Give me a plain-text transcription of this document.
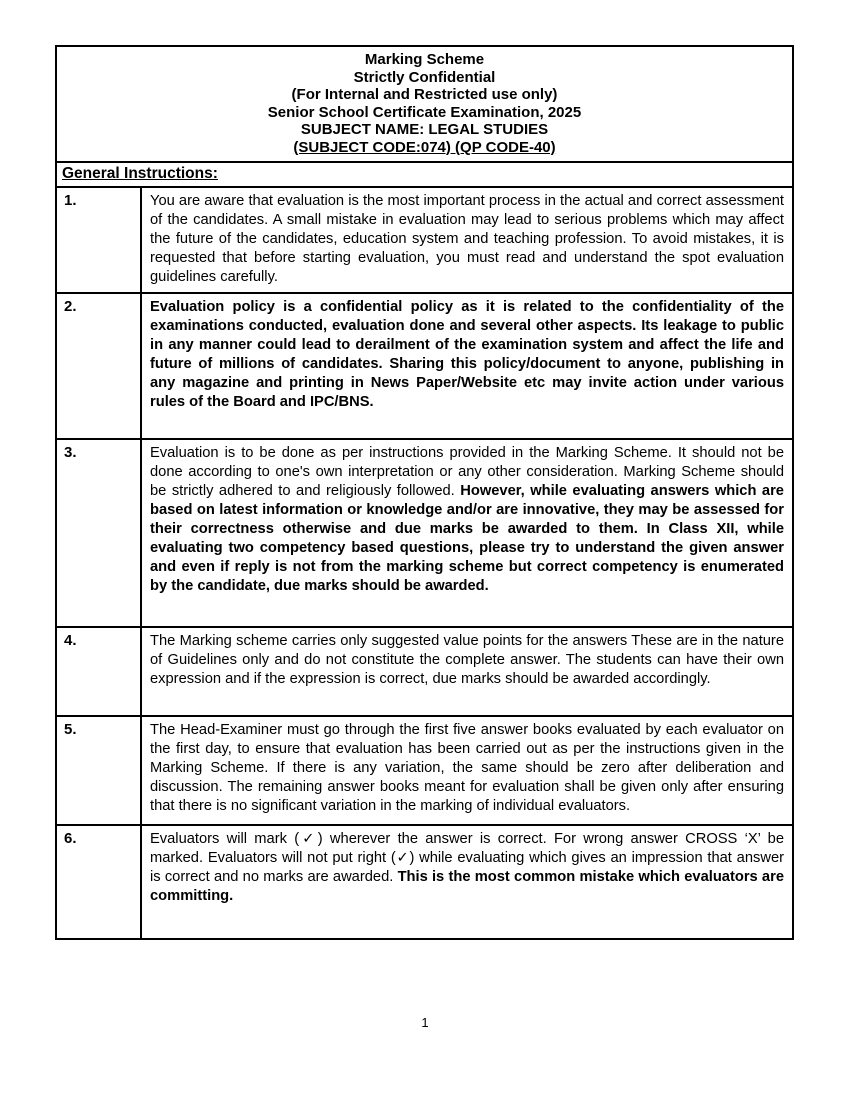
Marking Scheme
Strictly Confidential
(For Internal and Restricted use only)
Senior School Certificate Examination, 2025
SUBJECT NAME: LEGAL STUDIES
(SUBJECT CODE:074) (QP CODE-40)
General Instructions:
1.	You are aware that evaluation is the most important process in the actual and correct assessment of the candidates. A small mistake in evaluation may lead to serious problems which may affect the future of the candidates, education system and teaching profession. To avoid mistakes, it is requested that before starting evaluation, you must read and understand the spot evaluation guidelines carefully.
2.	Evaluation policy is a confidential policy as it is related to the confidentiality of the examinations conducted, evaluation done and several other aspects. Its leakage to public in any manner could lead to derailment of the examination system and affect the life and future of millions of candidates. Sharing this policy/document to anyone, publishing in any magazine and printing in News Paper/Website etc may invite action under various rules of the Board and IPC/BNS.
3.	Evaluation is to be done as per instructions provided in the Marking Scheme. It should not be done according to one's own interpretation or any other consideration. Marking Scheme should be strictly adhered to and religiously followed. However, while evaluating answers which are based on latest information or knowledge and/or are innovative, they may be assessed for their correctness otherwise and due marks be awarded to them. In Class XII, while evaluating two competency based questions, please try to understand the given answer and even if reply is not from the marking scheme but correct competency is enumerated by the candidate, due marks should be awarded.
4.	The Marking scheme carries only suggested value points for the answers These are in the nature of Guidelines only and do not constitute the complete answer. The students can have their own expression and if the expression is correct, due marks should be awarded accordingly.
5.	The Head-Examiner must go through the first five answer books evaluated by each evaluator on the first day, to ensure that evaluation has been carried out as per the instructions given in the Marking Scheme. If there is any variation, the same should be zero after deliberation and discussion. The remaining answer books meant for evaluation shall be given only after ensuring that there is no significant variation in the marking of individual evaluators.
6.	Evaluators will mark (✓) wherever the answer is correct. For wrong answer CROSS ‘X’ be marked. Evaluators will not put right (✓) while evaluating which gives an impression that answer is correct and no marks are awarded. This is the most common mistake which evaluators are committing.
1
